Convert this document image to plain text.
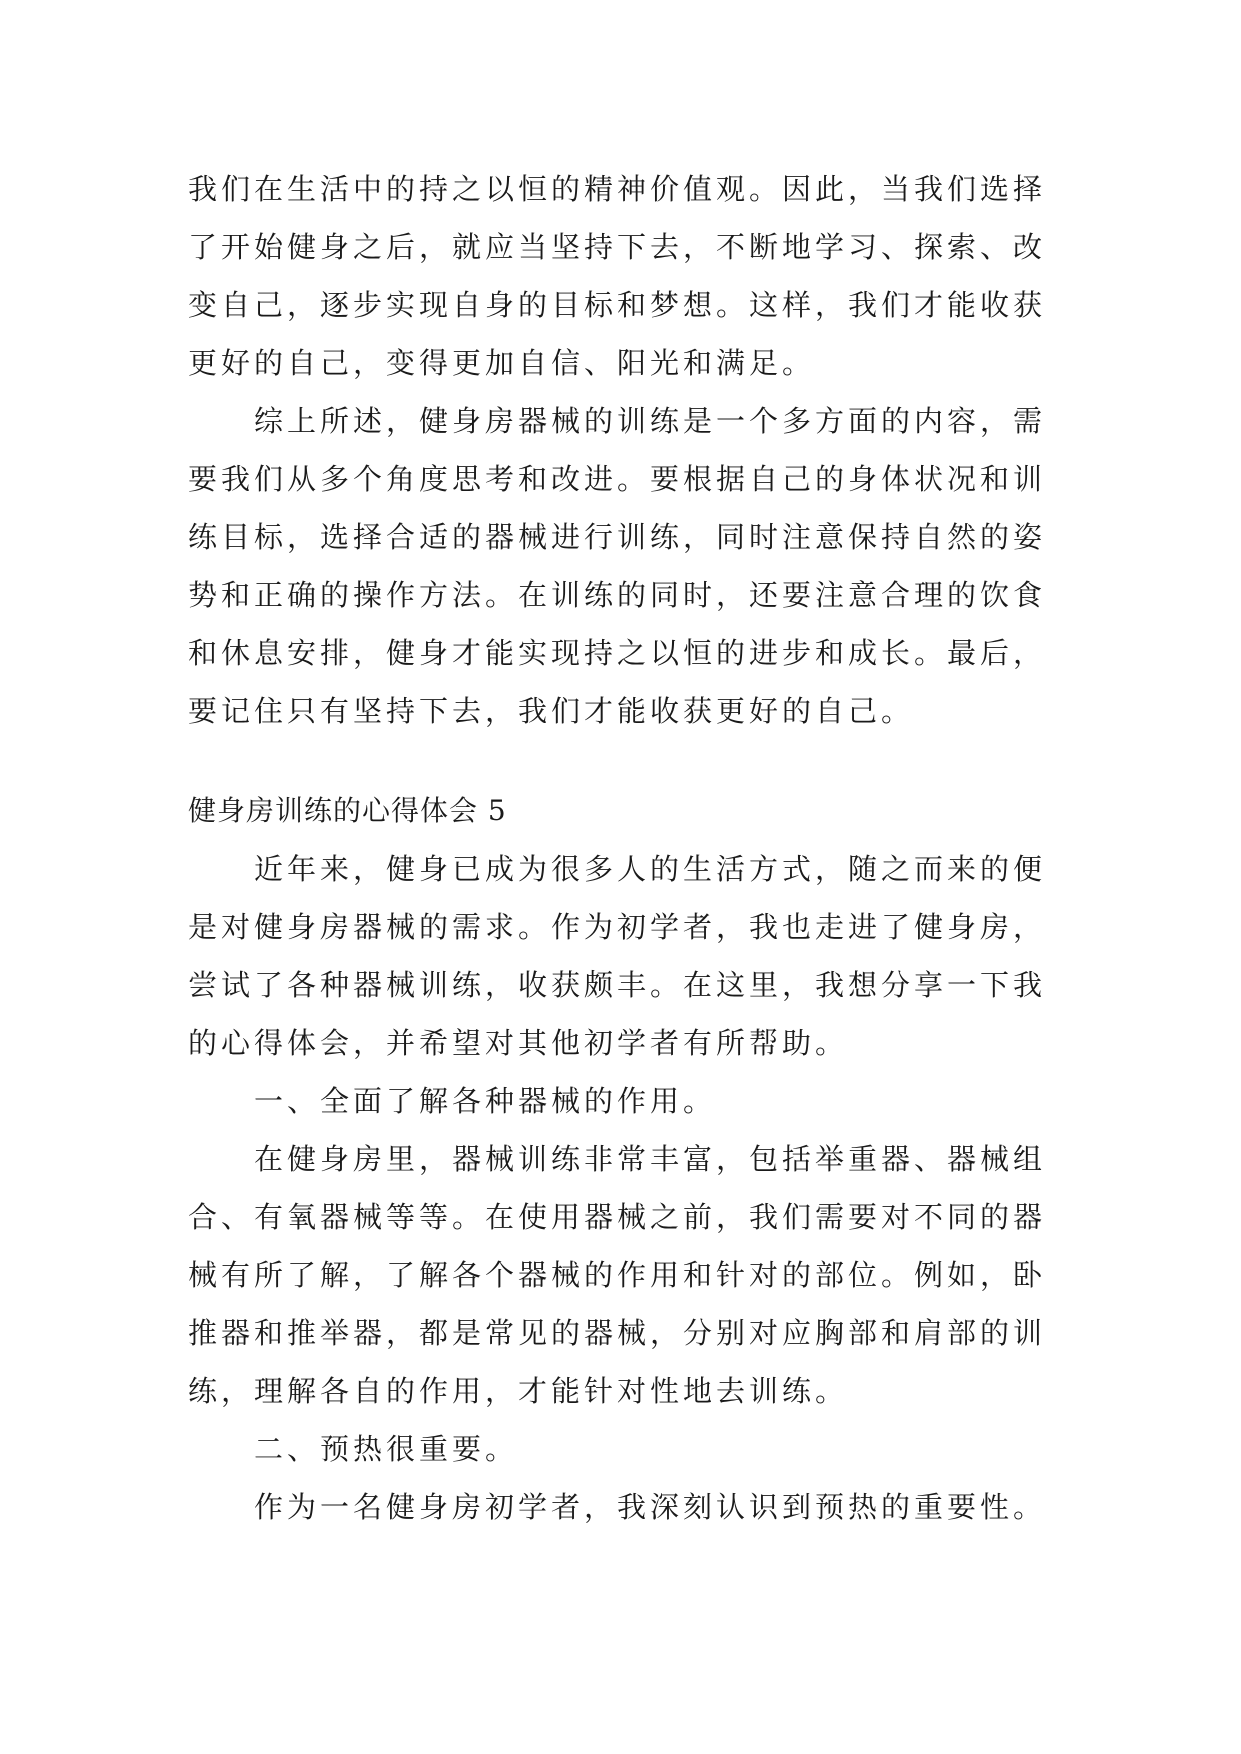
我们在生活中的持之以恒的精神价值观。因此，当我们选择
了开始健身之后，就应当坚持下去，不断地学习、探索、改
变自己，逐步实现自身的目标和梦想。这样，我们才能收获
更好的自己，变得更加自信、阳光和满足。
综上所述，健身房器械的训练是一个多方面的内容，需
要我们从多个角度思考和改进。要根据自己的身体状况和训
练目标，选择合适的器械进行训练，同时注意保持自然的姿
势和正确的操作方法。在训练的同时，还要注意合理的饮食
和休息安排，健身才能实现持之以恒的进步和成长。最后，
要记住只有坚持下去，我们才能收获更好的自己。
健身房训练的心得体会 5
近年来，健身已成为很多人的生活方式，随之而来的便
是对健身房器械的需求。作为初学者，我也走进了健身房，
尝试了各种器械训练，收获颇丰。在这里，我想分享一下我
的心得体会，并希望对其他初学者有所帮助。
一、全面了解各种器械的作用。
在健身房里，器械训练非常丰富，包括举重器、器械组
合、有氧器械等等。在使用器械之前，我们需要对不同的器
械有所了解，了解各个器械的作用和针对的部位。例如，卧
推器和推举器，都是常见的器械，分别对应胸部和肩部的训
练，理解各自的作用，才能针对性地去训练。
二、预热很重要。
作为一名健身房初学者，我深刻认识到预热的重要性。
